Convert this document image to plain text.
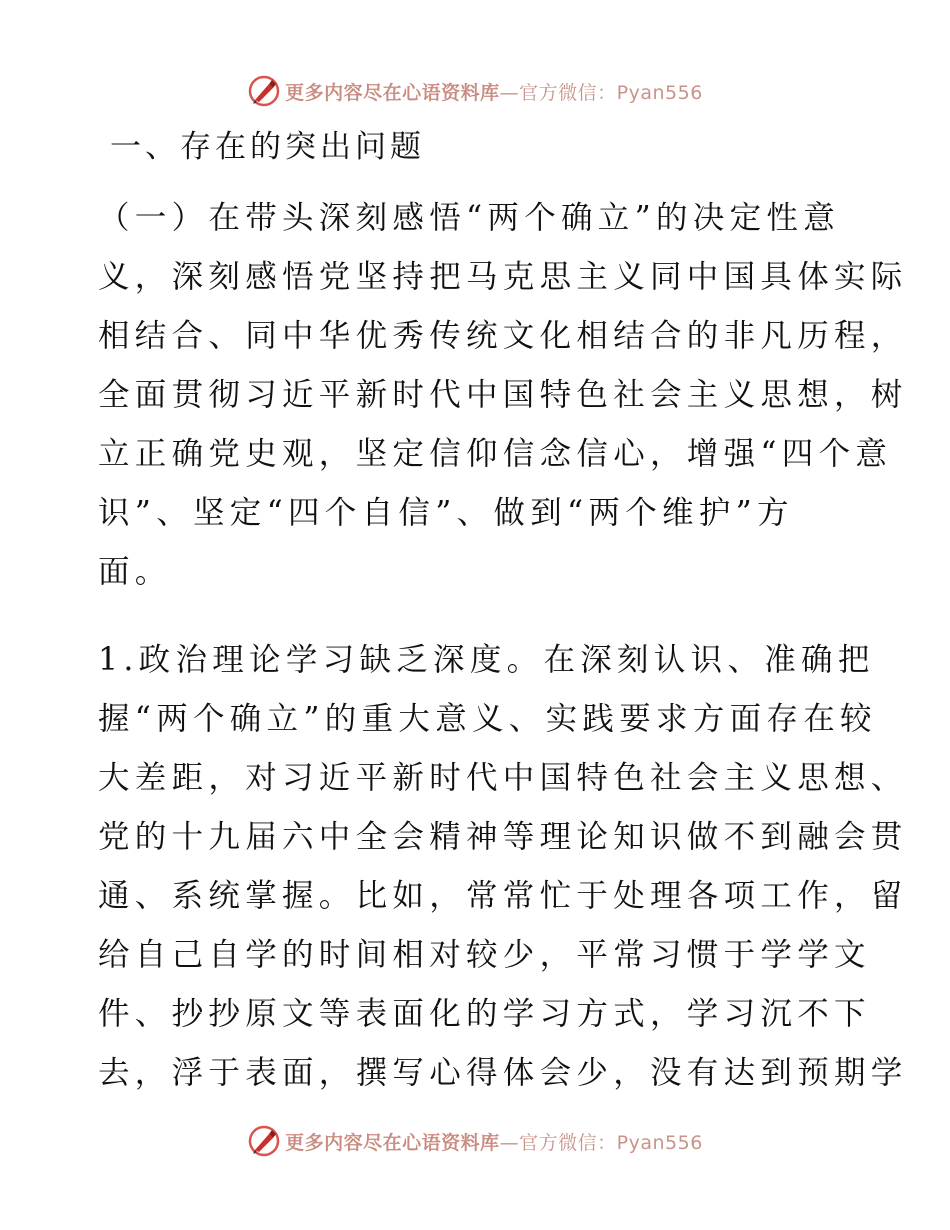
更多内容尽在心语资料库—官方微信：Pyan556
一、存在的突出问题

（一）在带头深刻感悟“两个确立”的决定性意
义，深刻感悟党坚持把马克思主义同中国具体实际
相结合、同中华优秀传统文化相结合的非凡历程，
全面贯彻习近平新时代中国特色社会主义思想，树
立正确党史观，坚定信仰信念信心，增强“四个意
识”、坚定“四个自信”、做到“两个维护”方
面。

1.政治理论学习缺乏深度。在深刻认识、准确把
握“两个确立”的重大意义、实践要求方面存在较
大差距，对习近平新时代中国特色社会主义思想、
党的十九届六中全会精神等理论知识做不到融会贯
通、系统掌握。比如，常常忙于处理各项工作，留
给自己自学的时间相对较少，平常习惯于学学文
件、抄抄原文等表面化的学习方式，学习沉不下
去，浮于表面，撰写心得体会少，没有达到预期学

更多内容尽在心语资料库—官方微信：Pyan556
